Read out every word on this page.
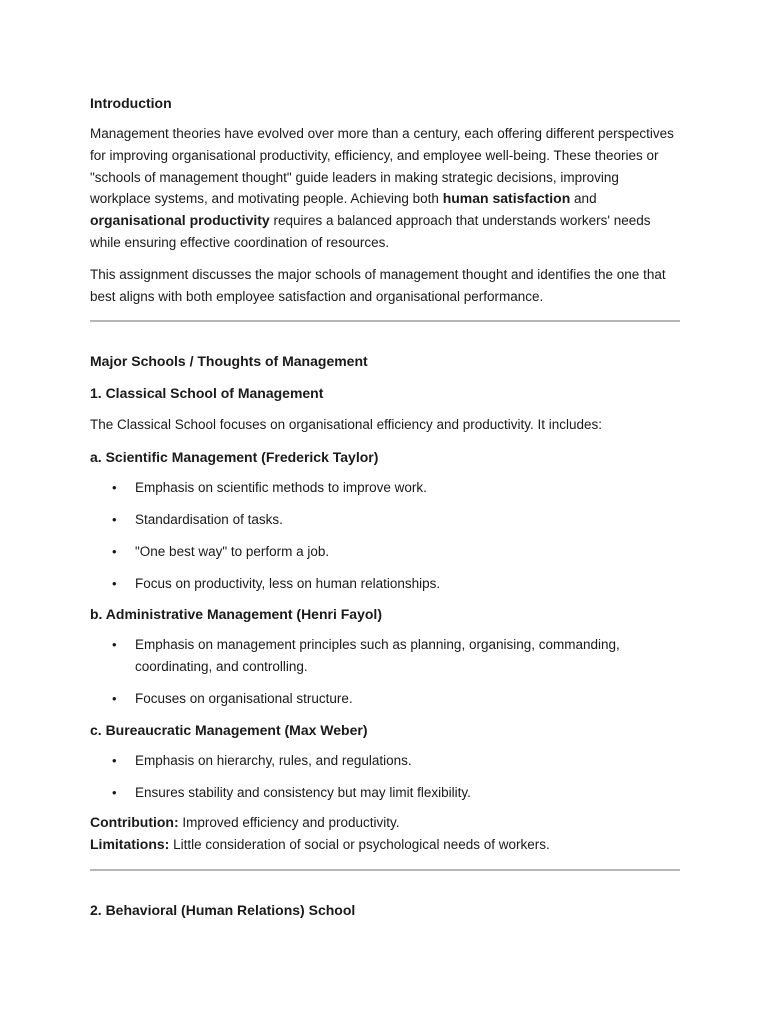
Introduction

Management theories have evolved over more than a century, each offering different perspectives for improving organisational productivity, efficiency, and employee well-being. These theories or "schools of management thought" guide leaders in making strategic decisions, improving workplace systems, and motivating people. Achieving both human satisfaction and organisational productivity requires a balanced approach that understands workers' needs while ensuring effective coordination of resources.

This assignment discusses the major schools of management thought and identifies the one that best aligns with both employee satisfaction and organisational performance.

Major Schools / Thoughts of Management
1. Classical School of Management

The Classical School focuses on organisational efficiency and productivity. It includes:

a. Scientific Management (Frederick Taylor)
• Emphasis on scientific methods to improve work.
• Standardisation of tasks.
• "One best way" to perform a job.
• Focus on productivity, less on human relationships.
b. Administrative Management (Henri Fayol)
• Emphasis on management principles such as planning, organising, commanding, coordinating, and controlling.
• Focuses on organisational structure.
c. Bureaucratic Management (Max Weber)
• Emphasis on hierarchy, rules, and regulations.
• Ensures stability and consistency but may limit flexibility.

Contribution: Improved efficiency and productivity.

Limitations: Little consideration of social or psychological needs of workers.

2. Behavioral (Human Relations) School
